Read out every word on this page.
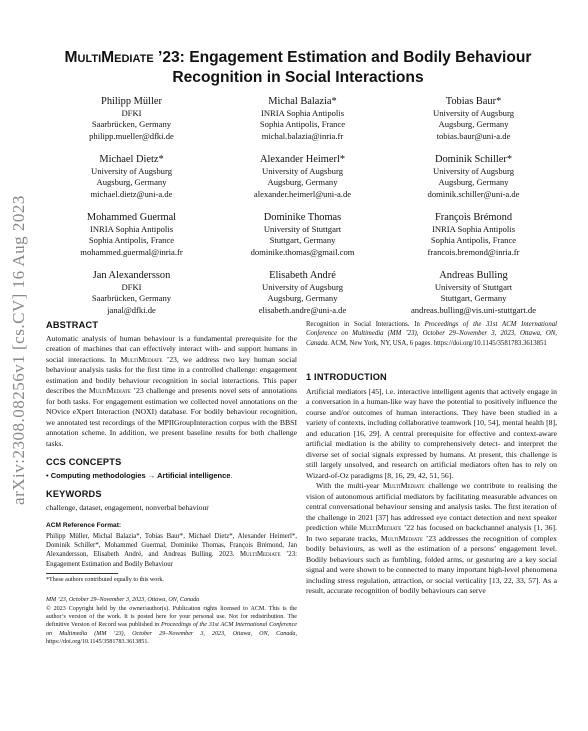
arXiv:2308.08256v1 [cs.CV] 16 Aug 2023
MultiMediate ’23: Engagement Estimation and Bodily Behaviour
Recognition in Social Interactions
Philipp Müller
DFKI
Saarbrücken, Germany
philipp.mueller@dfki.de
Michal Balazia*
INRIA Sophia Antipolis
Sophia Antipolis, France
michal.balazia@inria.fr
Tobias Baur*
University of Augsburg
Augsburg, Germany
tobias.baur@uni-a.de
Michael Dietz*
University of Augsburg
Augsburg, Germany
michael.dietz@uni-a.de
Alexander Heimerl*
University of Augsburg
Augsburg, Germany
alexander.heimerl@uni-a.de
Dominik Schiller*
University of Augsburg
Augsburg, Germany
dominik.schiller@uni-a.de
Mohammed Guermal
INRIA Sophia Antipolis
Sophia Antipolis, France
mohammed.guermal@inria.fr
Dominike Thomas
University of Stuttgart
Stuttgart, Germany
dominike.thomas@gmail.com
François Brémond
INRIA Sophia Antipolis
Sophia Antipolis, France
francois.bremond@inria.fr
Jan Alexandersson
DFKI
Saarbrücken, Germany
janal@dfki.de
Elisabeth André
University of Augsburg
Augsburg, Germany
elisabeth.andre@uni-a.de
Andreas Bulling
University of Stuttgart
Stuttgart, Germany
andreas.bulling@vis.uni-stuttgart.de
ABSTRACT

Automatic analysis of human behaviour is a fundamental prerequisite for the creation of machines that can effectively interact with- and support humans in social interactions. In MultiMediate ’23, we address two key human social behaviour analysis tasks for the first time in a controlled challenge: engagement estimation and bodily behaviour recognition in social interactions. This paper describes the MultiMediate ’23 challenge and presents novel sets of annotations for both tasks. For engagement estimation we collected novel annotations on the NOvice eXpert Interaction (NOXI) database. For bodily behaviour recognition, we annotated test recordings of the MPIIGroupInteraction corpus with the BBSI annotation scheme. In addition, we present baseline results for both challenge tasks.

CCS CONCEPTS
• Computing methodologies → Artificial intelligence.
KEYWORDS

challenge, dataset, engagement, nonverbal behaviour

ACM Reference Format:

Philipp Müller, Michal Balazia*, Tobias Baur*, Michael Dietz*, Alexander Heimerl*, Dominik Schiller*, Mohammed Guermal, Dominike Thomas, François Brémond, Jan Alexandersson, Elisabeth André, and Andreas Bulling. 2023. MultiMediate ’23: Engagement Estimation and Bodily Behaviour

*These authors contributed equally to this work.

MM ’23, October 29–November 3, 2023, Ottawa, ON, Canada

© 2023 Copyright held by the owner/author(s). Publication rights licensed to ACM. This is the author’s version of the work. It is posted here for your personal use. Not for redistribution. The definitive Version of Record was published in Proceedings of the 31st ACM International Conference on Multimedia (MM ’23), October 29–November 3, 2023, Ottawa, ON, Canada, https://doi.org/10.1145/3581783.3613851.

Recognition in Social Interactions. In Proceedings of the 31st ACM International Conference on Multimedia (MM ’23), October 29–November 3, 2023, Ottawa, ON, Canada. ACM, New York, NY, USA, 6 pages. https://doi.org/10.1145/3581783.3613851

1 INTRODUCTION

Artificial mediators [45], i.e. interactive intelligent agents that actively engage in a conversation in a human-like way have the potential to positively influence the course and/or outcomes of human interactions. They have been studied in a variety of contexts, including collaborative teamwork [10, 54], mental health [8], and education [16, 29]. A central prerequisite for effective and context-aware artificial mediation is the ability to comprehensively detect- and interpret the diverse set of social signals expressed by humans. At present, this challenge is still largely unsolved, and research on artificial mediators often has to rely on Wizard-of-Oz paradigms [8, 16, 29, 42, 51, 56].

With the multi-year MultiMediate challenge we contribute to realising the vision of autonomous artificial mediators by facilitating measurable advances on central conversational behaviour sensing and analysis tasks. The first iteration of the challenge in 2021 [37] has addressed eye contact detection and next speaker prediction while MultiMediate ’22 has focused on backchannel analysis [1, 36]. In two separate tracks, MultiMediate ’23 addresses the recognition of complex bodily behaviours, as well as the estimation of a persons’ engagement level. Bodily behaviours such as fumbling, folded arms, or gesturing are a key social signal and were shown to be connected to many important high-level phenomena including stress regulation, attraction, or social verticality [13, 22, 33, 57]. As a result, accurate recognition of bodily behaviours can serve
